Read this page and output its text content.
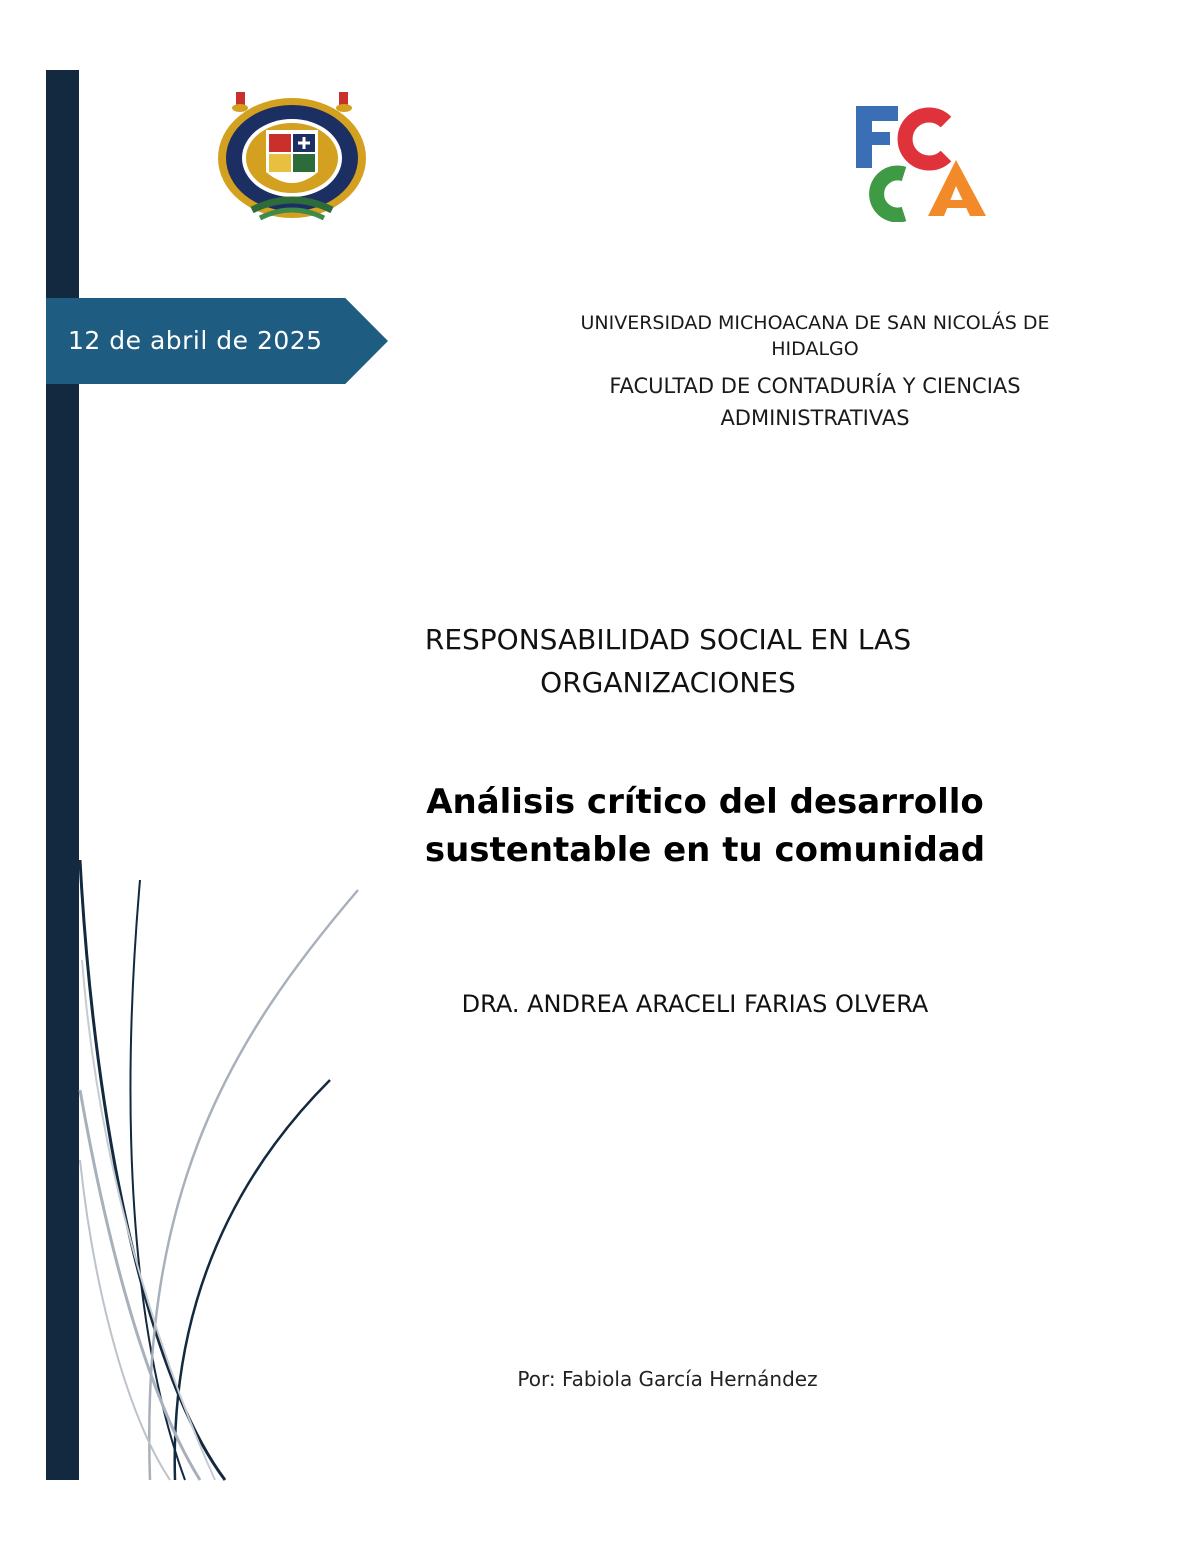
12 de abril de 2025
UNIVERSIDAD MICHOACANA DE SAN NICOLÁS DE
HIDALGO
FACULTAD DE CONTADURÍA Y CIENCIAS
ADMINISTRATIVAS
RESPONSABILIDAD SOCIAL EN LAS
ORGANIZACIONES
Análisis crítico del desarrollo
sustentable en tu comunidad
DRA. ANDREA ARACELI FARIAS OLVERA
Por: Fabiola García Hernández
